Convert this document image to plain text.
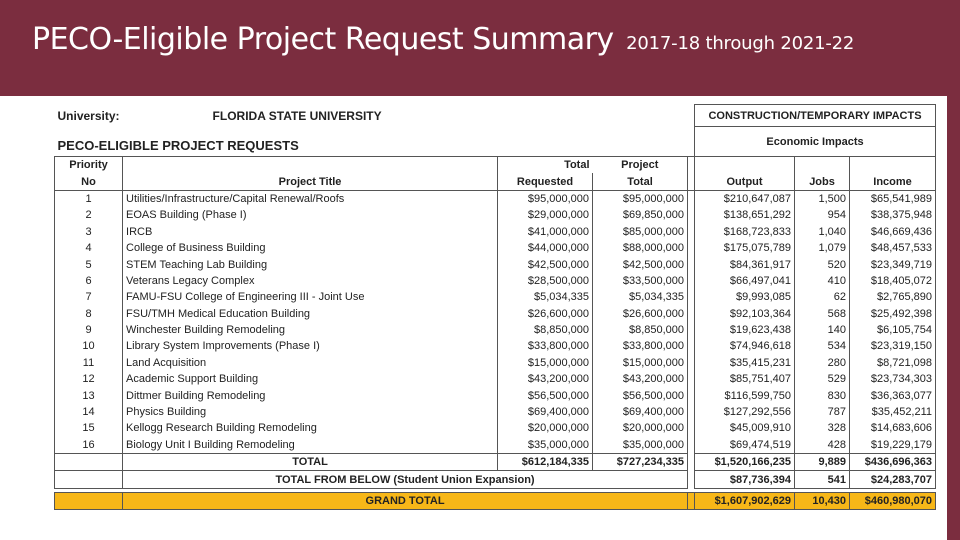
PECO-Eligible Project Request Summary 2017-18 through 2021-22
University:	FLORIDA STATE UNIVERSITY				CONSTRUCTION/TEMPORARY IMPACTS		
PECO-ELIGIBLE PROJECT REQUESTS					Economic Impacts		
Priority		Total	Project				
No	Project Title	Requested	Total		Output	Jobs	Income
1	Utilities/Infrastructure/Capital Renewal/Roofs	$95,000,000	$95,000,000		$210,647,087	1,500	$65,541,989
2	EOAS Building (Phase I)	$29,000,000	$69,850,000		$138,651,292	954	$38,375,948
3	IRCB	$41,000,000	$85,000,000		$168,723,833	1,040	$46,669,436
4	College of Business Building	$44,000,000	$88,000,000		$175,075,789	1,079	$48,457,533
5	STEM Teaching Lab Building	$42,500,000	$42,500,000		$84,361,917	520	$23,349,719
6	Veterans Legacy Complex	$28,500,000	$33,500,000		$66,497,041	410	$18,405,072
7	FAMU-FSU College of Engineering III - Joint Use	$5,034,335	$5,034,335		$9,993,085	62	$2,765,890
8	FSU/TMH Medical Education Building	$26,600,000	$26,600,000		$92,103,364	568	$25,492,398
9	Winchester Building Remodeling	$8,850,000	$8,850,000		$19,623,438	140	$6,105,754
10	Library System Improvements (Phase I)	$33,800,000	$33,800,000		$74,946,618	534	$23,319,150
11	Land Acquisition	$15,000,000	$15,000,000		$35,415,231	280	$8,721,098
12	Academic Support Building	$43,200,000	$43,200,000		$85,751,407	529	$23,734,303
13	Dittmer Building Remodeling	$56,500,000	$56,500,000		$116,599,750	830	$36,363,077
14	Physics Building	$69,400,000	$69,400,000		$127,292,556	787	$35,452,211
15	Kellogg Research Building Remodeling	$20,000,000	$20,000,000		$45,009,910	328	$14,683,606
16	Biology Unit I Building Remodeling	$35,000,000	$35,000,000		$69,474,519	428	$19,229,179
	TOTAL	$612,184,335	$727,234,335		$1,520,166,235	9,889	$436,696,363
	TOTAL FROM BELOW (Student Union Expansion)				$87,736,394	541	$24,283,707

	GRAND TOTAL				$1,607,902,629	10,430	$460,980,070
